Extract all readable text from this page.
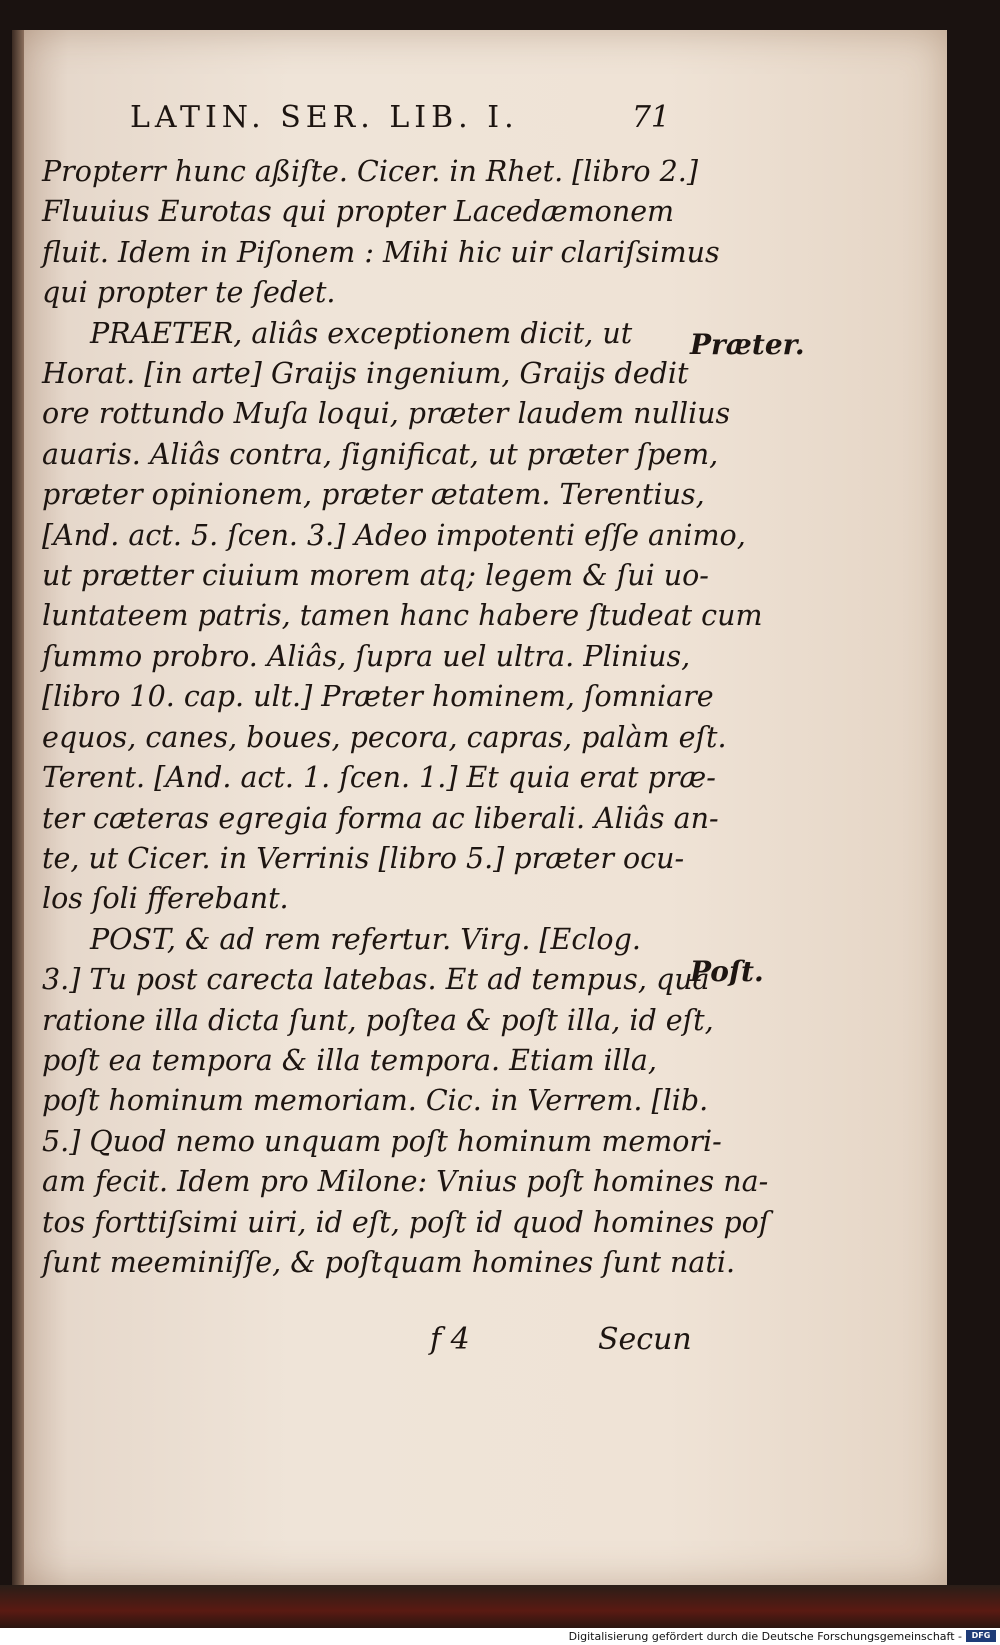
LATIN. SER. LIB. I.	71
Propterr hunc aßiſte. Cicer. in Rhet. [libro 2.]
Fluuius Eurotas qui propter Lacedæmonem
fluit. Idem in Piſonem : Mihi hic uir clariſsimus
qui propter te ſedet.
PRAETER, aliâs exceptionem dicit, ut
Horat. [in arte] Graijs ingenium, Graijs dedit
ore rottundo Muſa loqui, præter laudem nullius
auaris. Aliâs contra, ſignificat, ut præter ſpem,
præter opinionem, præter ætatem. Terentius,
[And. act. 5. ſcen. 3.] Adeo impotenti eſſe animo,
ut prætter ciuium morem atq; legem & ſui uo-
luntateem patris, tamen hanc habere ſtudeat cum
ſummo probro. Aliâs, ſupra uel ultra. Plinius,
[libro 10. cap. ult.] Præter hominem, ſomniare
equos, canes, boues, pecora, capras, palàm eſt.
Terent. [And. act. 1. ſcen. 1.] Et quia erat præ-
ter cæteras egregia forma ac liberali. Aliâs an-
te, ut Cicer. in Verrinis [libro 5.] præter ocu-
los ſoli fferebant.
POST, & ad rem refertur. Virg. [Eclog.
3.] Tu post carecta latebas. Et ad tempus, qua
ratione illa dicta ſunt, poſtea & poſt illa, id eſt,
poſt ea tempora & illa tempora. Etiam illa,
poſt hominum memoriam. Cic. in Verrem. [lib.
5.] Quod nemo unquam poſt hominum memori-
am fecit. Idem pro Milone: Vnius poſt homines na-
tos forttiſsimi uiri, id eſt, poſt id quod homines poſ
ſunt meeminiſſe, & poſtquam homines ſunt nati.
Præter.
Poſt.
f 4	Secun
Digitalisierung gefördert durch die Deutsche Forschungsgemeinschaft -	DFG
